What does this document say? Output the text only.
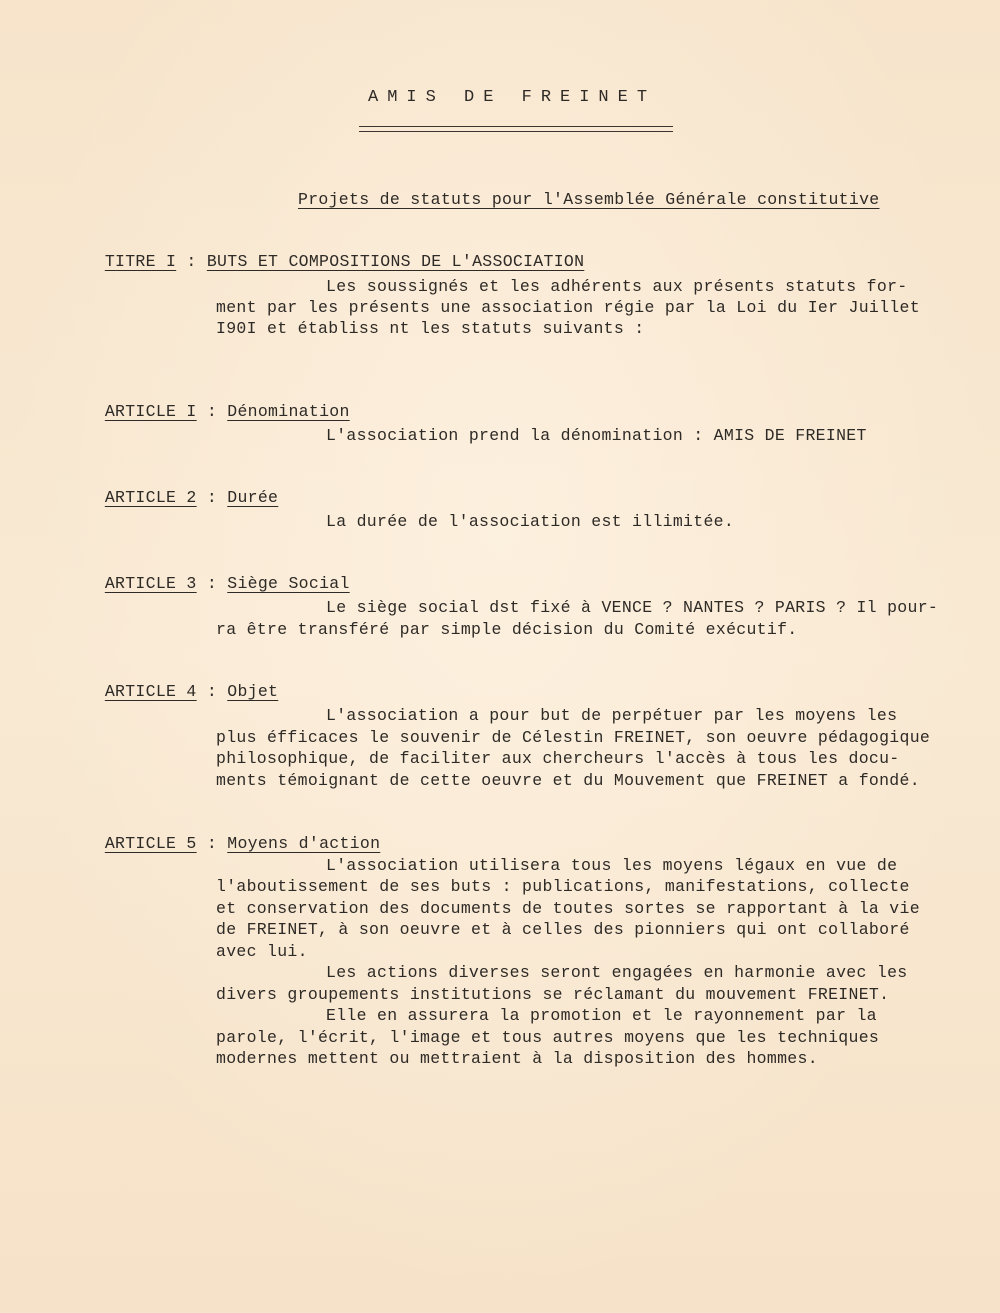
AMIS DE FREINET
Projets de statuts pour l'Assemblée Générale constitutive

TITRE I : BUTS ET COMPOSITIONS DE L'ASSOCIATION

Les soussignés et les adhérents aux présents statuts for-
ment par les présents une association régie par la Loi du Ier Juillet
I90I et établiss nt les statuts suivants :

ARTICLE I : Dénomination

L'association prend la dénomination : AMIS DE FREINET

ARTICLE 2 : Durée

La durée de l'association est illimitée.

ARTICLE 3 : Siège Social

Le siège social dst fixé à VENCE ? NANTES ? PARIS ? Il pour-
ra être transféré par simple décision du Comité exécutif.

ARTICLE 4 : Objet

L'association a pour but de perpétuer par les moyens les
plus éfficaces le souvenir de Célestin FREINET, son oeuvre pédagogique
philosophique, de faciliter aux chercheurs l'accès à tous les docu-
ments témoignant de cette oeuvre et du Mouvement que FREINET a fondé.

ARTICLE 5 : Moyens d'action

L'association utilisera tous les moyens légaux en vue de
l'aboutissement de ses buts : publications, manifestations, collecte
et conservation des documents de toutes sortes se rapportant à la vie
de FREINET, à son oeuvre et à celles des pionniers qui ont collaboré
avec lui.
Les actions diverses seront engagées en harmonie avec les
divers groupements institutions se réclamant du mouvement FREINET.
Elle en assurera la promotion et le rayonnement par la
parole, l'écrit, l'image et tous autres moyens que les techniques
modernes mettent ou mettraient à la disposition des hommes.
